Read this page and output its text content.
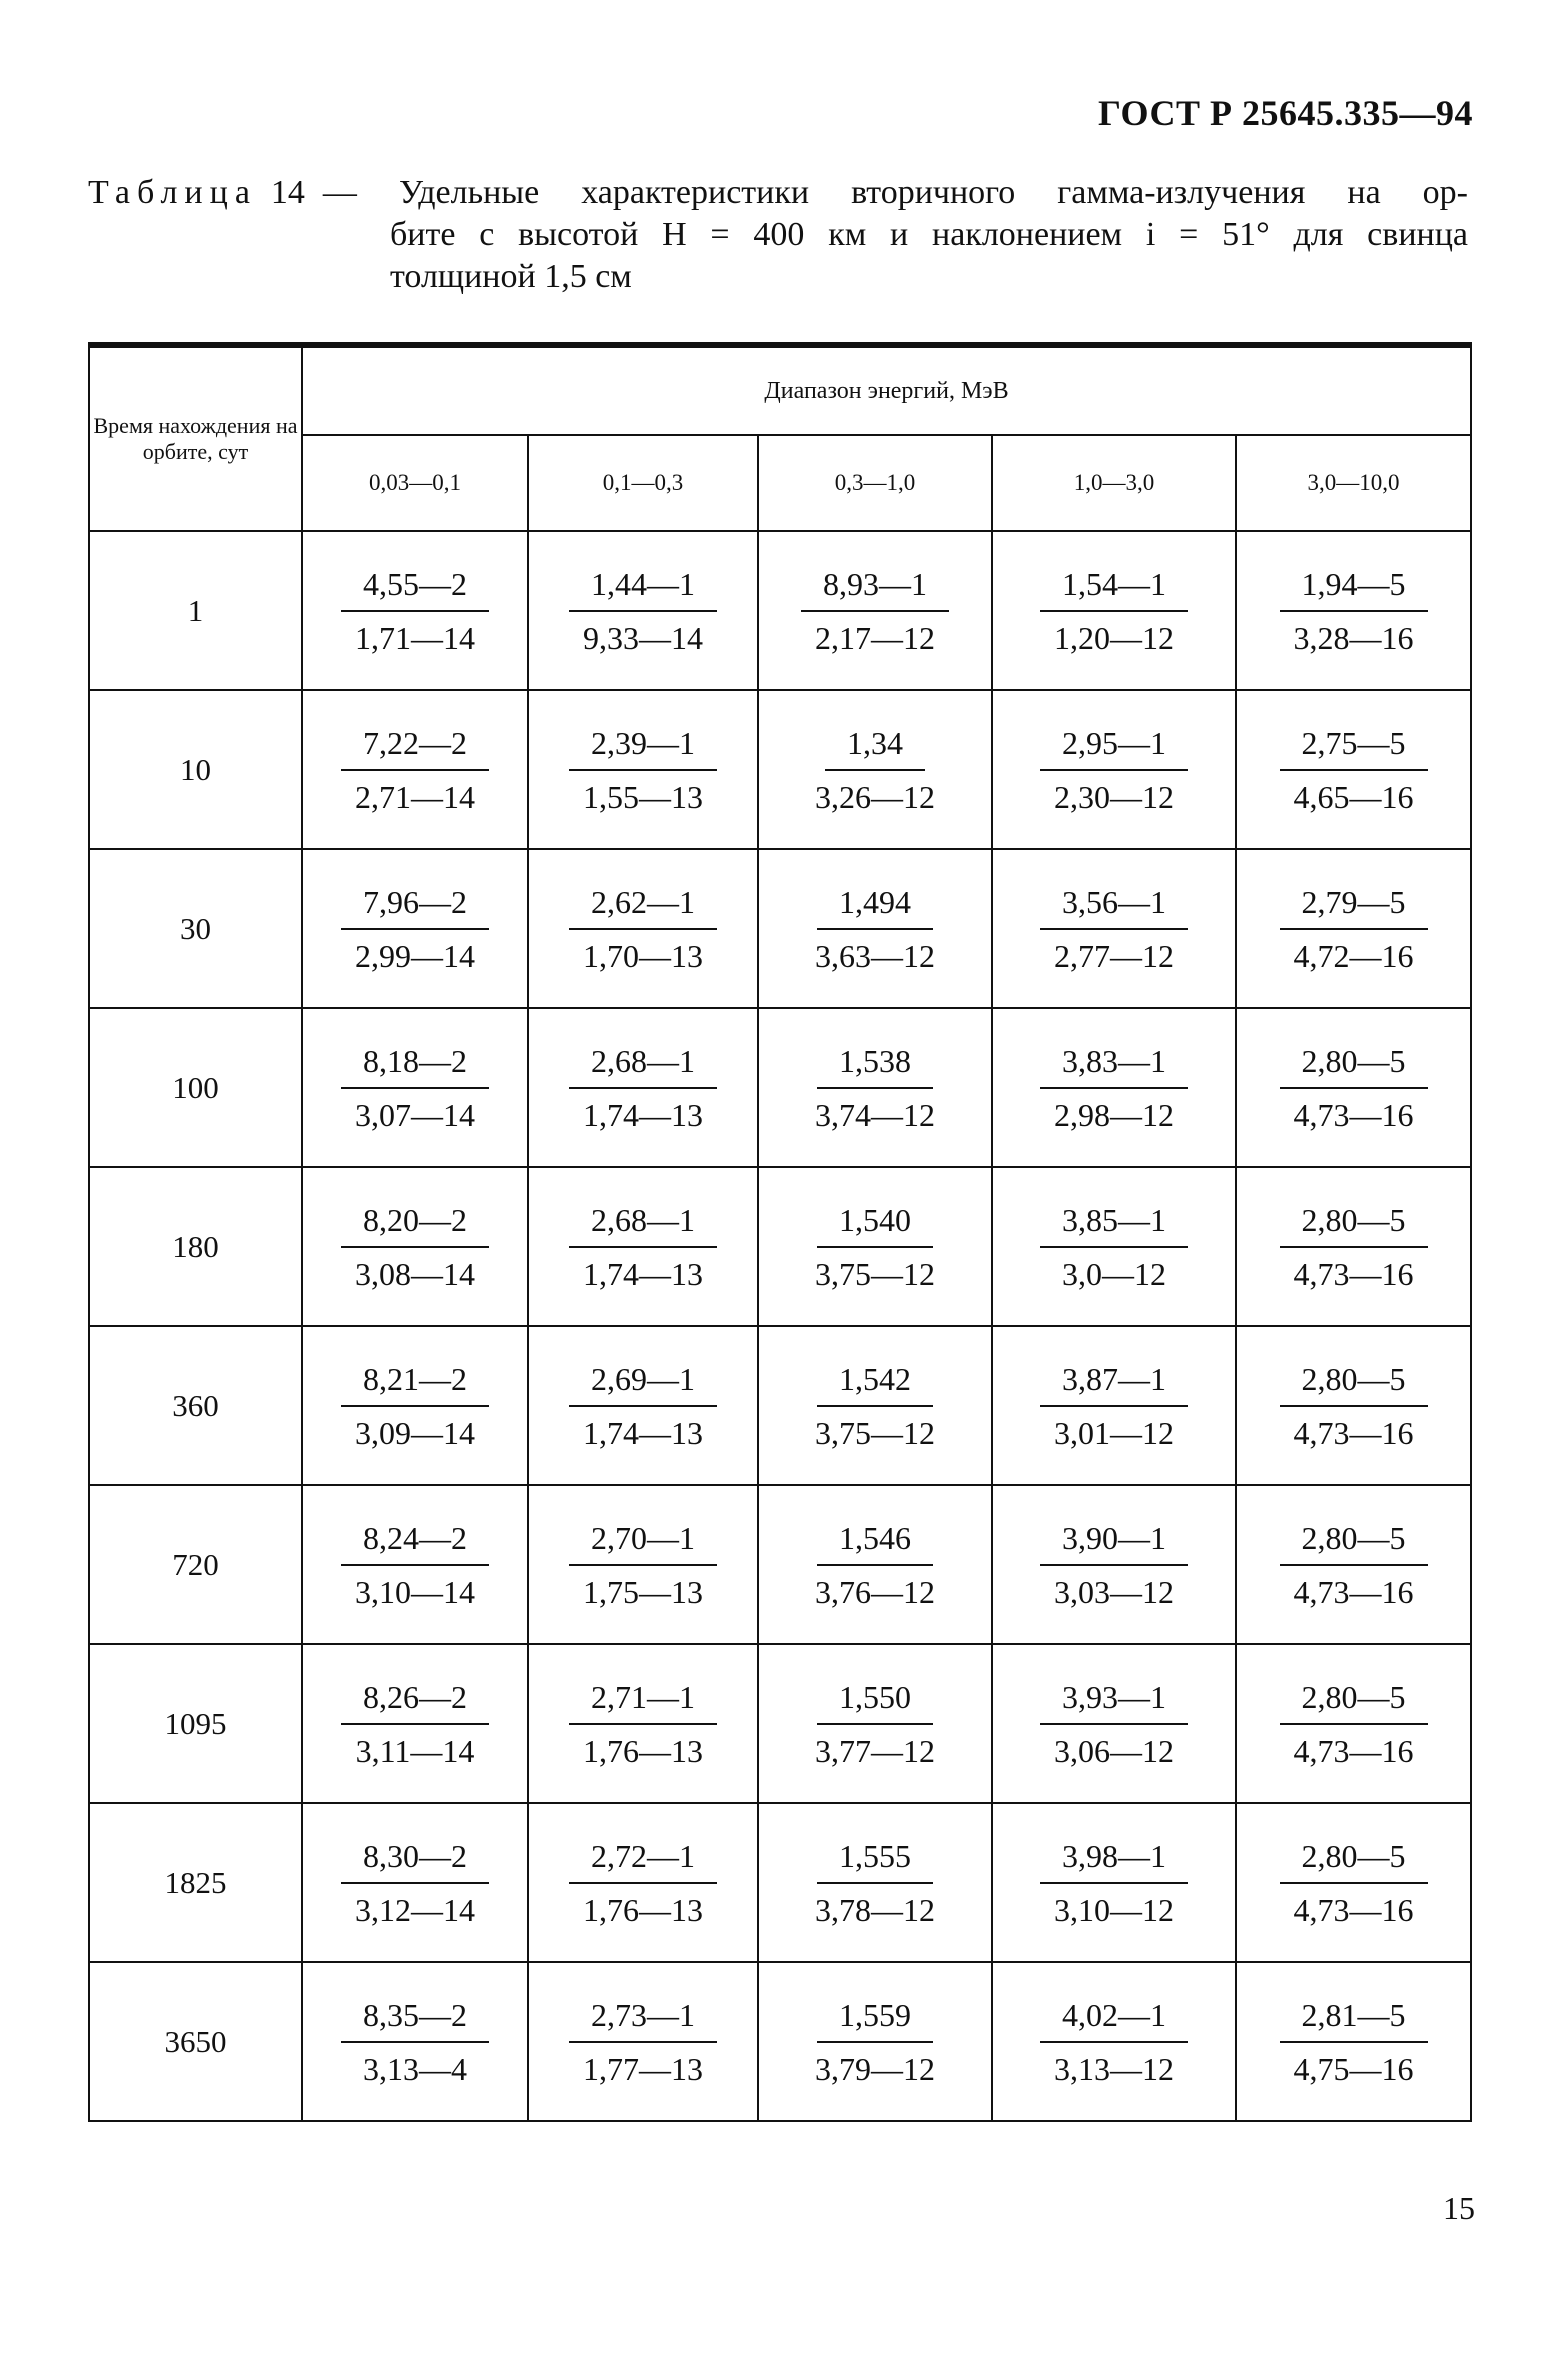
ГОСТ Р 25645.335—94
Таблица 14 — Удельные характеристики вторичного гамма-излучения на ор-
бите с высотой H = 400 км и наклонением i = 51° для свинца
толщиной 1,5 см
Время нахождения на орбите, сут	Диапазон энергий, МэВ				
	0,03—0,1	0,1—0,3	0,3—1,0	1,0—3,0	3,0—10,0
1	$\frac{4,55—2}{1,71—14}$	$\frac{1,44—1}{9,33—14}$	$\frac{8,93—1}{2,17—12}$	$\frac{1,54—1}{1,20—12}$	$\frac{1,94—5}{3,28—16}$

10	$\frac{7,22—2}{2,71—14}$	$\frac{2,39—1}{1,55—13}$	$\frac{1,34}{3,26—12}$	$\frac{2,95—1}{2,30—12}$	$\frac{2,75—5}{4,65—16}$

30	$\frac{7,96—2}{2,99—14}$	$\frac{2,62—1}{1,70—13}$	$\frac{1,494}{3,63—12}$	$\frac{3,56—1}{2,77—12}$	$\frac{2,79—5}{4,72—16}$

100	$\frac{8,18—2}{3,07—14}$	$\frac{2,68—1}{1,74—13}$	$\frac{1,538}{3,74—12}$	$\frac{3,83—1}{2,98—12}$	$\frac{2,80—5}{4,73—16}$

180	$\frac{8,20—2}{3,08—14}$	$\frac{2,68—1}{1,74—13}$	$\frac{1,540}{3,75—12}$	$\frac{3,85—1}{3,0—12}$	$\frac{2,80—5}{4,73—16}$

360	$\frac{8,21—2}{3,09—14}$	$\frac{2,69—1}{1,74—13}$	$\frac{1,542}{3,75—12}$	$\frac{3,87—1}{3,01—12}$	$\frac{2,80—5}{4,73—16}$

720	$\frac{8,24—2}{3,10—14}$	$\frac{2,70—1}{1,75—13}$	$\frac{1,546}{3,76—12}$	$\frac{3,90—1}{3,03—12}$	$\frac{2,80—5}{4,73—16}$

1095	$\frac{8,26—2}{3,11—14}$	$\frac{2,71—1}{1,76—13}$	$\frac{1,550}{3,77—12}$	$\frac{3,93—1}{3,06—12}$	$\frac{2,80—5}{4,73—16}$

1825	$\frac{8,30—2}{3,12—14}$	$\frac{2,72—1}{1,76—13}$	$\frac{1,555}{3,78—12}$	$\frac{3,98—1}{3,10—12}$	$\frac{2,80—5}{4,73—16}$

3650	$\frac{8,35—2}{3,13—4}$	$\frac{2,73—1}{1,77—13}$	$\frac{1,559}{3,79—12}$	$\frac{4,02—1}{3,13—12}$	$\frac{2,81—5}{4,75—16}$
15
